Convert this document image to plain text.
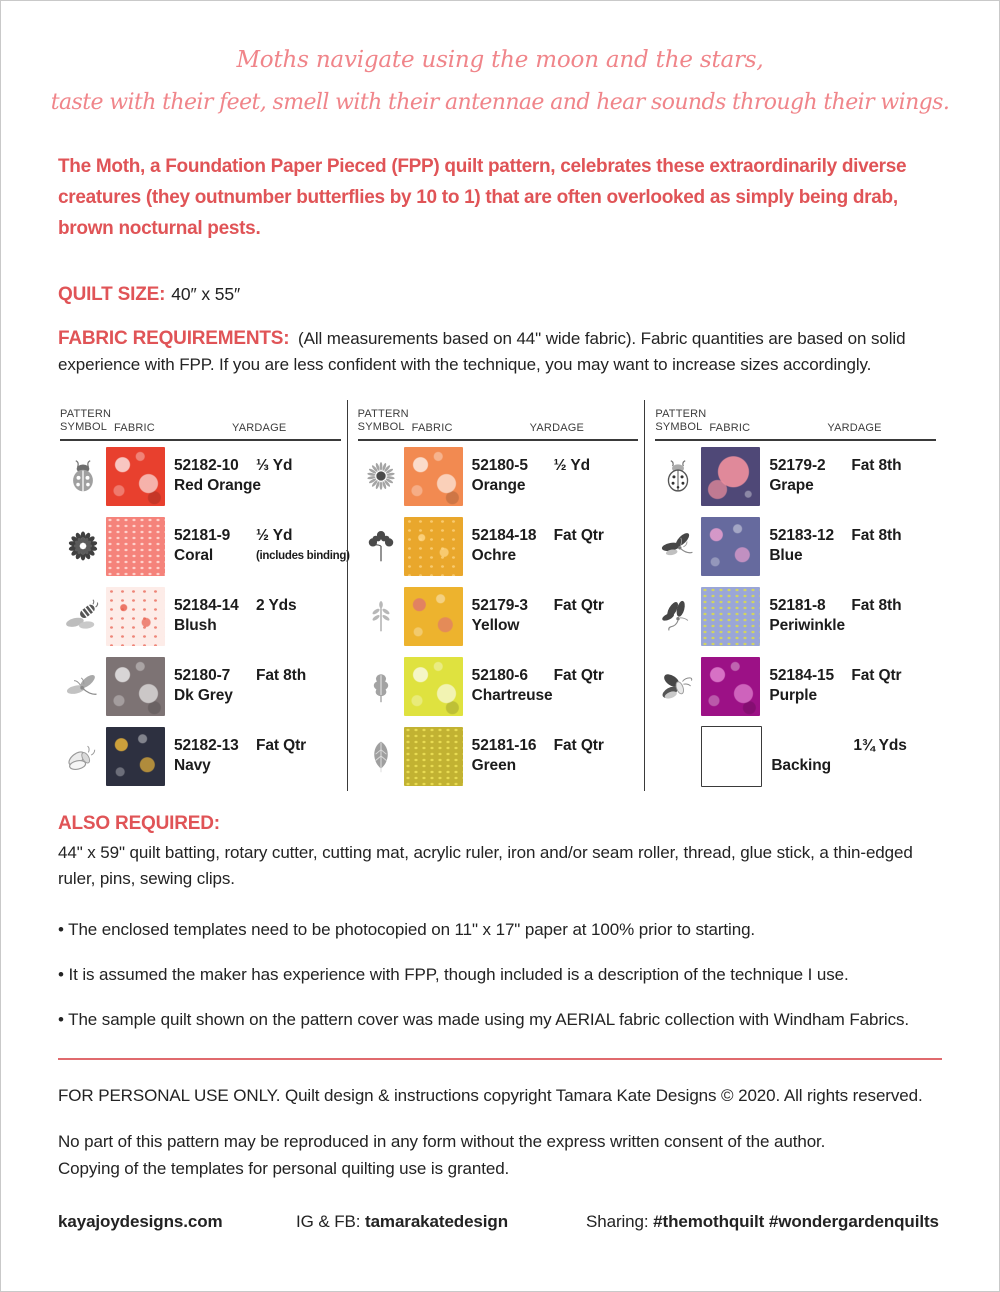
Moths navigate using the moon and the stars,
taste with their feet, smell with their antennae and hear sounds through their wings.

The Moth, a Foundation Paper Pieced (FPP) quilt pattern, celebrates these extraordinarily diverse creatures (they outnumber butterflies by 10 to 1) that are often overlooked as simply being drab, brown nocturnal pests.

QUILT SIZE: 40″ x 55″

FABRIC REQUIREMENTS: (All measurements based on 44" wide fabric). Fabric quantities are based on solid experience with FPP. If you are less confident with the technique, you may want to increase sizes accordingly.

PATTERN
SYMBOL FABRIC	YARDAGE
52182-10	⅓ Yd
Red Orange
52181-9	½ Yd
Coral	(includes binding)
52184-14	2 Yds
Blush
52180-7	Fat 8th
Dk Grey
52182-13	Fat Qtr
Navy
PATTERN
SYMBOL FABRIC	YARDAGE
52180-5	½ Yd
Orange
52184-18	Fat Qtr
Ochre
52179-3	Fat Qtr
Yellow
52180-6	Fat Qtr
Chartreuse
52181-16	Fat Qtr
Green
PATTERN
SYMBOL FABRIC	YARDAGE
52179-2	Fat 8th
Grape
52183-12	Fat 8th
Blue
52181-8	Fat 8th
Periwinkle
52184-15	Fat Qtr
Purple
1¾ Yds
Backing
ALSO REQUIRED:
44" x 59" quilt batting, rotary cutter, cutting mat, acrylic ruler, iron and/or seam roller, thread, glue stick, a thin-edged ruler, pins, sewing clips.
• The enclosed templates need to be photocopied on 11" x 17" paper at 100% prior to starting.
• It is assumed the maker has experience with FPP, though included is a description of the technique I use.
• The sample quilt shown on the pattern cover was made using my AERIAL fabric collection with Windham Fabrics.
FOR PERSONAL USE ONLY. Quilt design & instructions copyright Tamara Kate Designs © 2020. All rights reserved.
No part of this pattern may be reproduced in any form without the express written consent of the author.
Copying of the templates for personal quilting use is granted.
kayajoydesigns.com	IG & FB: tamarakatedesign	Sharing: #themothquilt #wondergardenquilts
